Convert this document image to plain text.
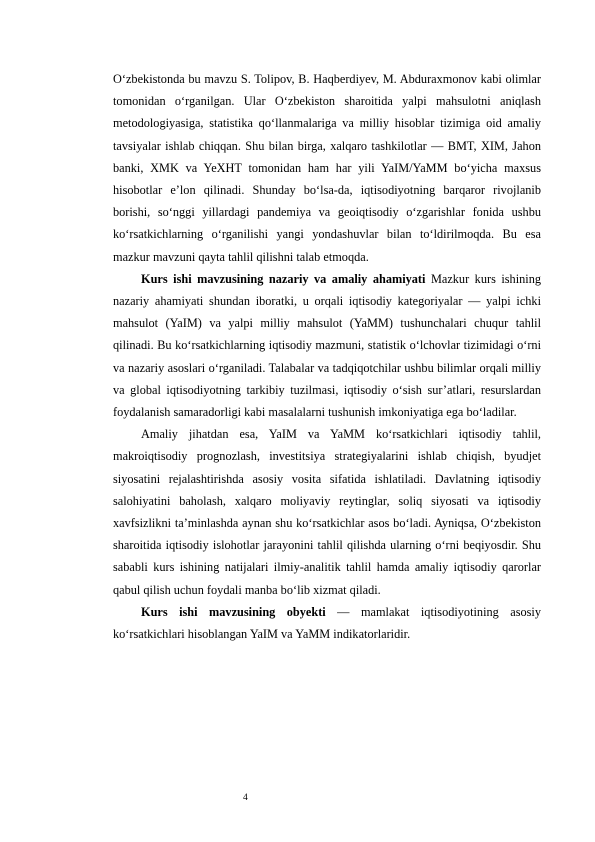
O‘zbekistonda bu mavzu S. Tolipov, B. Haqberdiyev, M. Abduraxmonov kabi olimlar tomonidan o‘rganilgan. Ular O‘zbekiston sharoitida yalpi mahsulotni aniqlash metodologiyasiga, statistika qo‘llanmalariga va milliy hisoblar tizimiga oid amaliy tavsiyalar ishlab chiqqan. Shu bilan birga, xalqaro tashkilotlar — BMT, XIM, Jahon banki, XMK va YeXHT tomonidan ham har yili YaIM/YaMM bo‘yicha maxsus hisobotlar e’lon qilinadi. Shunday bo‘lsa-da, iqtisodiyotning barqaror rivojlanib borishi, so‘nggi yillardagi pandemiya va geoiqtisodiy o‘zgarishlar fonida ushbu ko‘rsatkichlarning o‘rganilishi yangi yondashuvlar bilan to‘ldirilmoqda. Bu esa mazkur mavzuni qayta tahlil qilishni talab etmoqda.

Kurs ishi mavzusining nazariy va amaliy ahamiyati Mazkur kurs ishining nazariy ahamiyati shundan iboratki, u orqali iqtisodiy kategoriyalar — yalpi ichki mahsulot (YaIM) va yalpi milliy mahsulot (YaMM) tushunchalari chuqur tahlil qilinadi. Bu ko‘rsatkichlarning iqtisodiy mazmuni, statistik o‘lchovlar tizimidagi o‘rni va nazariy asoslari o‘rganiladi. Talabalar va tadqiqotchilar ushbu bilimlar orqali milliy va global iqtisodiyotning tarkibiy tuzilmasi, iqtisodiy o‘sish sur’atlari, resurslardan foydalanish samaradorligi kabi masalalarni tushunish imkoniyatiga ega bo‘ladilar.

Amaliy jihatdan esa, YaIM va YaMM ko‘rsatkichlari iqtisodiy tahlil, makroiqtisodiy prognozlash, investitsiya strategiyalarini ishlab chiqish, byudjet siyosatini rejalashtirishda asosiy vosita sifatida ishlatiladi. Davlatning iqtisodiy salohiyatini baholash, xalqaro moliyaviy reytinglar, soliq siyosati va iqtisodiy xavfsizlikni ta’minlashda aynan shu ko‘rsatkichlar asos bo‘ladi. Ayniqsa, O‘zbekiston sharoitida iqtisodiy islohotlar jarayonini tahlil qilishda ularning o‘rni beqiyosdir. Shu sababli kurs ishining natijalari ilmiy-analitik tahlil hamda amaliy iqtisodiy qarorlar qabul qilish uchun foydali manba bo‘lib xizmat qiladi.

Kurs ishi mavzusining obyekti — mamlakat iqtisodiyotining asosiy ko‘rsatkichlari hisoblangan YaIM va YaMM indikatorlaridir.

4
